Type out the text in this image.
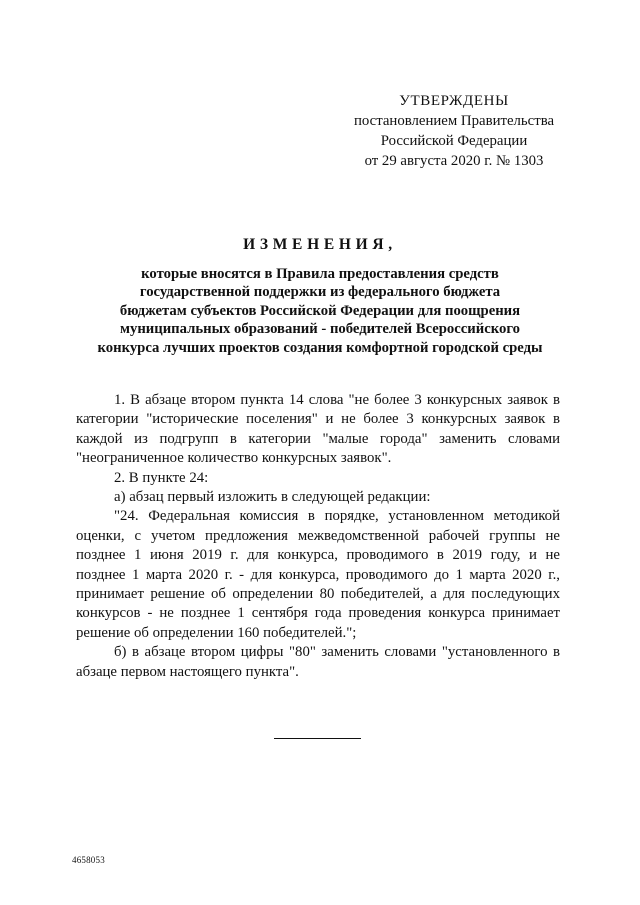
УТВЕРЖДЕНЫ
постановлением Правительства
Российской Федерации
от 29 августа 2020 г. № 1303
ИЗМЕНЕНИЯ,
которые вносятся в Правила предоставления средств
государственной поддержки из федерального бюджета
бюджетам субъектов Российской Федерации для поощрения
муниципальных образований - победителей Всероссийского
конкурса лучших проектов создания комфортной городской среды
1. В абзаце втором пункта 14 слова "не более 3 конкурсных заявок в
категории "исторические поселения" и не более 3 конкурсных заявок в
каждой из подгрупп в категории "малые города" заменить словами
"неограниченное количество конкурсных заявок".
2. В пункте 24:
а) абзац первый изложить в следующей редакции:
"24. Федеральная комиссия в порядке, установленном методикой
оценки, с учетом предложения межведомственной рабочей группы не
позднее 1 июня 2019 г. для конкурса, проводимого в 2019 году, и не
позднее 1 марта 2020 г. - для конкурса, проводимого до 1 марта 2020 г.,
принимает решение об определении 80 победителей, а для последующих
конкурсов - не позднее 1 сентября года проведения конкурса принимает
решение об определении 160 победителей.";
б) в абзаце втором цифры "80" заменить словами "установленного в
абзаце первом настоящего пункта".
4658053
